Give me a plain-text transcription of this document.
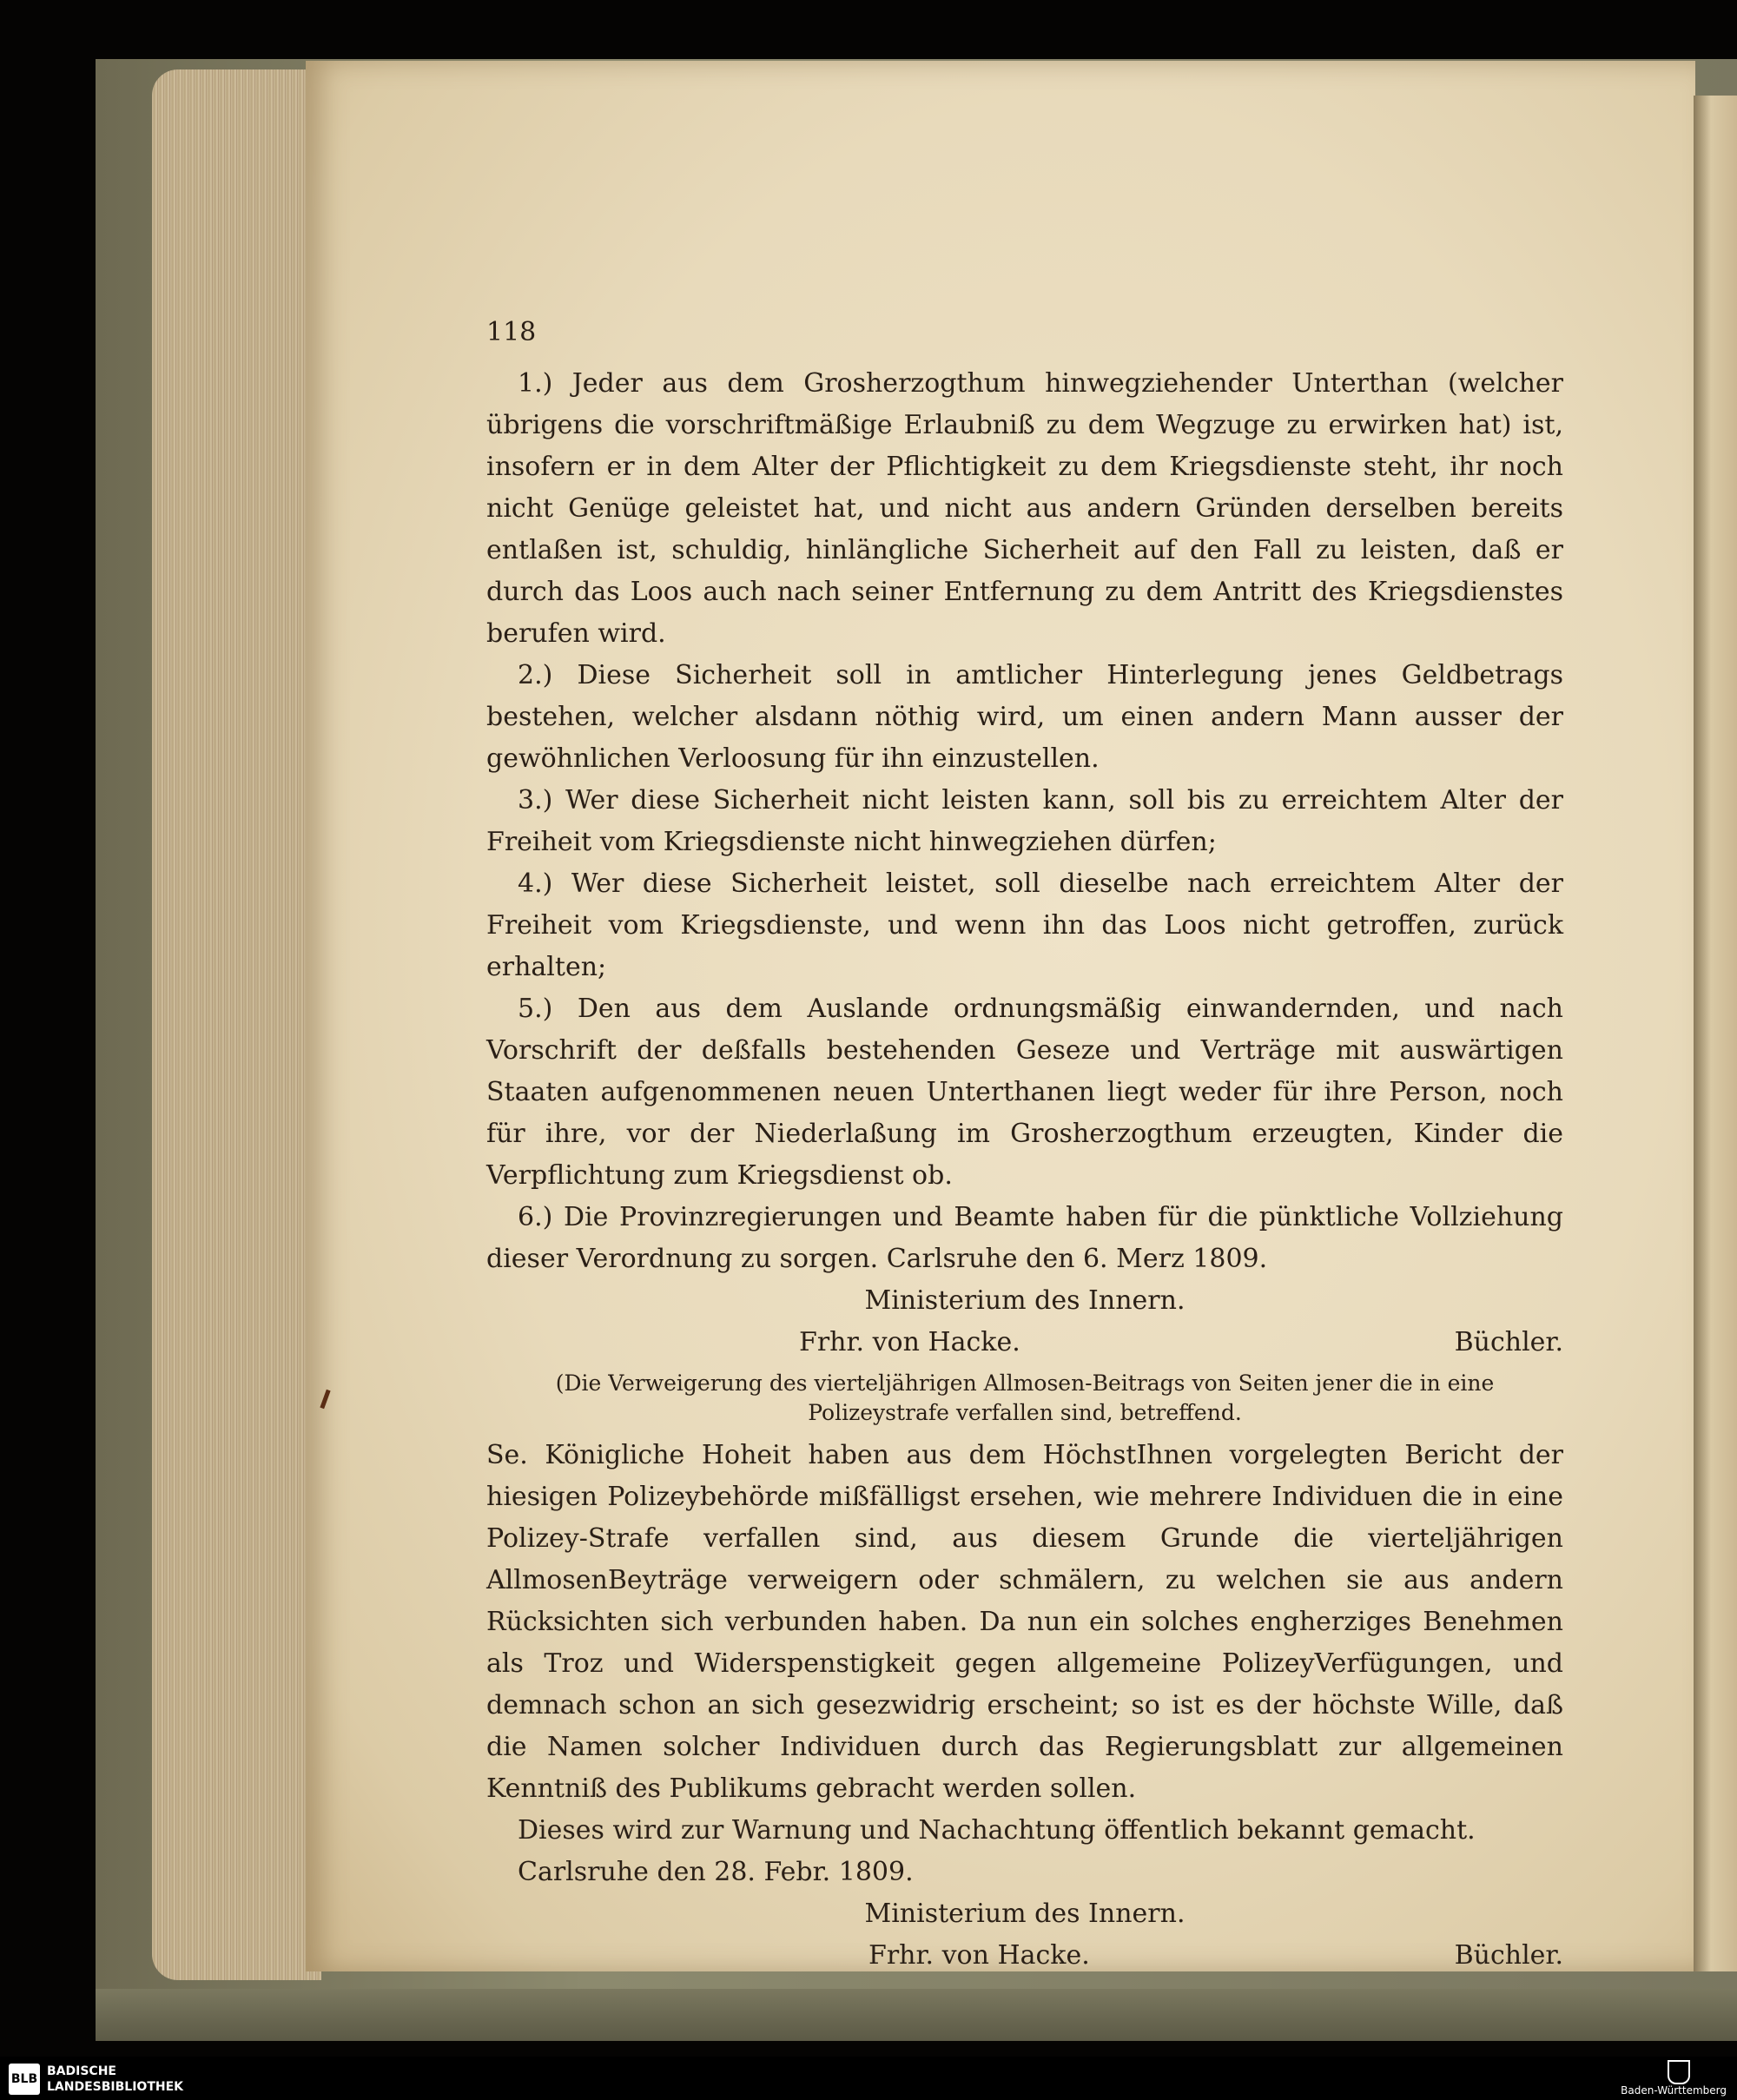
118

1.) Jeder aus dem Grosherzogthum hinwegziehender Unterthan (welcher übrigens die vorschriftmäßige Erlaubniß zu dem Wegzuge zu erwirken hat) ist, insofern er in dem Alter der Pflichtigkeit zu dem Kriegsdienste steht, ihr noch nicht Genüge geleistet hat, und nicht aus andern Gründen derselben bereits entlaßen ist, schuldig, hinlängliche Sicherheit auf den Fall zu leisten, daß er durch das Loos auch nach seiner Entfernung zu dem Antritt des Kriegsdienstes berufen wird.

2.) Diese Sicherheit soll in amtlicher Hinterlegung jenes Geldbetrags bestehen, welcher alsdann nöthig wird, um einen andern Mann ausser der gewöhnlichen Verloosung für ihn einzustellen.

3.) Wer diese Sicherheit nicht leisten kann, soll bis zu erreichtem Alter der Freiheit vom Kriegsdienste nicht hinwegziehen dürfen;

4.) Wer diese Sicherheit leistet, soll dieselbe nach erreichtem Alter der Freiheit vom Kriegsdienste, und wenn ihn das Loos nicht getroffen, zurück erhalten;

5.) Den aus dem Auslande ordnungsmäßig einwandernden, und nach Vorschrift der deßfalls bestehenden Geseze und Verträge mit auswärtigen Staaten aufgenommenen neuen Unterthanen liegt weder für ihre Person, noch für ihre, vor der Niederlaßung im Grosherzogthum erzeugten, Kinder die Verpflichtung zum Kriegsdienst ob.

6.) Die Provinzregierungen und Beamte haben für die pünktliche Vollziehung dieser Verordnung zu sorgen. Carlsruhe den 6. Merz 1809.

Ministerium des Innern.

Frhr. von Hacke.	Büchler.

(Die Verweigerung des vierteljährigen Allmosen-Beitrags von Seiten jener die in eine Polizeystrafe verfallen sind, betreffend.

Se. Königliche Hoheit haben aus dem HöchstIhnen vorgelegten Bericht der hiesigen Polizeybehörde mißfälligst ersehen, wie mehrere Individuen die in eine Polizey-Strafe verfallen sind, aus diesem Grunde die vierteljährigen AllmosenBeyträge verweigern oder schmälern, zu welchen sie aus andern Rücksichten sich verbunden haben. Da nun ein solches engherziges Benehmen als Troz und Widerspenstigkeit gegen allgemeine PolizeyVerfügungen, und demnach schon an sich gesezwidrig erscheint; so ist es der höchste Wille, daß die Namen solcher Individuen durch das Regierungsblatt zur allgemeinen Kenntniß des Publikums gebracht werden sollen.

Dieses wird zur Warnung und Nachachtung öffentlich bekannt gemacht.

Carlsruhe den 28. Febr. 1809.

Ministerium des Innern.

Frhr. von Hacke.	Büchler.
BLB
BADISCHE
LANDESBIBLIOTHEK	Baden-Württemberg
